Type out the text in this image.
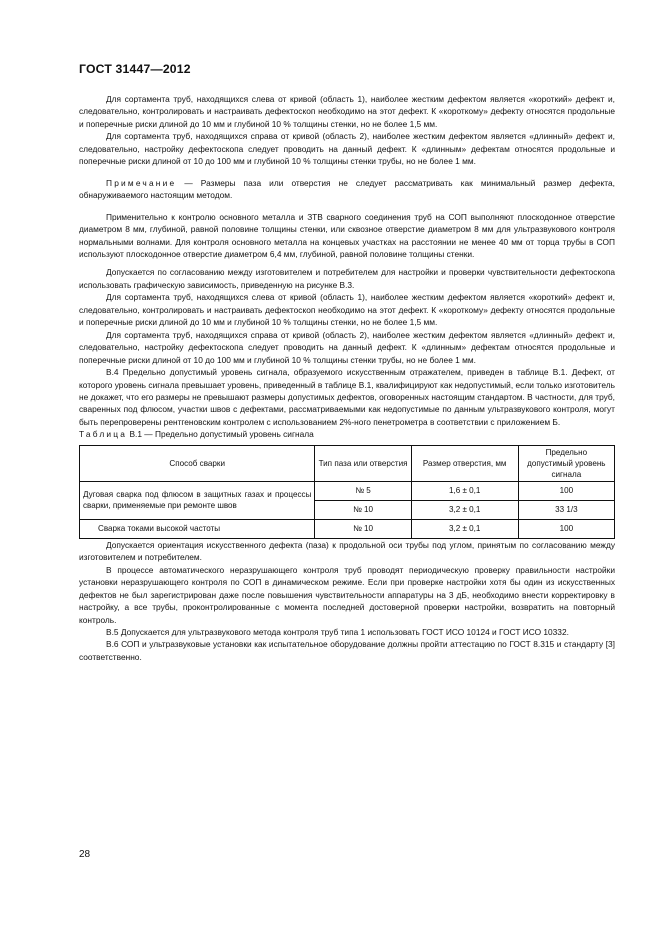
ГОСТ 31447—2012

Для сортамента труб, находящихся слева от кривой (область 1), наиболее жестким дефектом является «короткий» дефект и, следовательно, контролировать и настраивать дефектоскоп необходимо на этот дефект. К «короткому» дефекту относятся продольные и поперечные риски длиной до 10 мм и глубиной 10 % толщины стенки, но не более 1,5 мм.

Для сортамента труб, находящихся справа от кривой (область 2), наиболее жестким дефектом является «длинный» дефект и, следовательно, настройку дефектоскопа следует проводить на данный дефект. К «длинным» дефектам относятся продольные и поперечные риски длиной от 10 до 100 мм и глубиной 10 % толщины стенки трубы, но не более 1 мм.

Примечание — Размеры паза или отверстия не следует рассматривать как минимальный размер дефекта, обнаруживаемого настоящим методом.

Применительно к контролю основного металла и ЗТВ сварного соединения труб на СОП выполняют плоскодонное отверстие диаметром 8 мм, глубиной, равной половине толщины стенки, или сквозное отверстие диаметром 8 мм для ультразвукового контроля нормальными волнами. Для контроля основного металла на концевых участках на расстоянии не менее 40 мм от торца трубы в СОП используют плоскодонное отверстие диаметром 6,4 мм, глубиной, равной половине толщины стенки.

Допускается по согласованию между изготовителем и потребителем для настройки и проверки чувствительности дефектоскопа использовать графическую зависимость, приведенную на рисунке В.3.

Для сортамента труб, находящихся слева от кривой (область 1), наиболее жестким дефектом является «короткий» дефект и, следовательно, контролировать и настраивать дефектоскоп необходимо на этот дефект. К «короткому» дефекту относятся продольные и поперечные риски длиной до 10 мм и глубиной 10 % толщины стенки, но не более 1,5 мм.

Для сортамента труб, находящихся справа от кривой (область 2), наиболее жестким дефектом является «длинный» дефект и, следовательно, настройку дефектоскопа следует проводить на данный дефект. К «длинным» дефектам относятся продольные и поперечные риски длиной от 10 до 100 мм и глубиной 10 % толщины стенки трубы, но не более 1 мм.

В.4 Предельно допустимый уровень сигнала, образуемого искусственным отражателем, приведен в таблице В.1. Дефект, от которого уровень сигнала превышает уровень, приведенный в таблице В.1, квалифицируют как недопустимый, если только изготовитель не докажет, что его размеры не превышают размеры допустимых дефектов, оговоренных настоящим стандартом. В частности, для труб, сваренных под флюсом, участки швов с дефектами, рассматриваемыми как недопустимые по данным ультразвукового контроля, могут быть перепроверены рентгеновским контролем с использованием 2%-ного пенетрометра в соответствии с приложением Б.

Таблица В.1 — Предельно допустимый уровень сигнала

Способ сварки	Тип паза или отверстия	Размер отверстия, мм	Предельно допустимый уровень сигнала
Дуговая сварка под флюсом в защитных газах и процессы сварки, применяемые при ремонте швов	№ 5	1,6 ± 0,1	100
	№ 10	3,2 ± 0,1	33 1/3
Сварка токами высокой частоты	№ 10	3,2 ± 0,1	100

Допускается ориентация искусственного дефекта (паза) к продольной оси трубы под углом, принятым по согласованию между изготовителем и потребителем.

В процессе автоматического неразрушающего контроля труб проводят периодическую проверку правильности настройки установки неразрушающего контроля по СОП в динамическом режиме. Если при проверке настройки хотя бы один из искусственных дефектов не был зарегистрирован даже после повышения чувствительности аппаратуры на 3 дБ, необходимо внести корректировку в настройку, а все трубы, проконтролированные с момента последней достоверной проверки настройки, возвратить на повторный контроль.

В.5 Допускается для ультразвукового метода контроля труб типа 1 использовать ГОСТ ИСО 10124 и ГОСТ ИСО 10332.

В.6 СОП и ультразвуковые установки как испытательное оборудование должны пройти аттестацию по ГОСТ 8.315 и стандарту [3] соответственно.

28
